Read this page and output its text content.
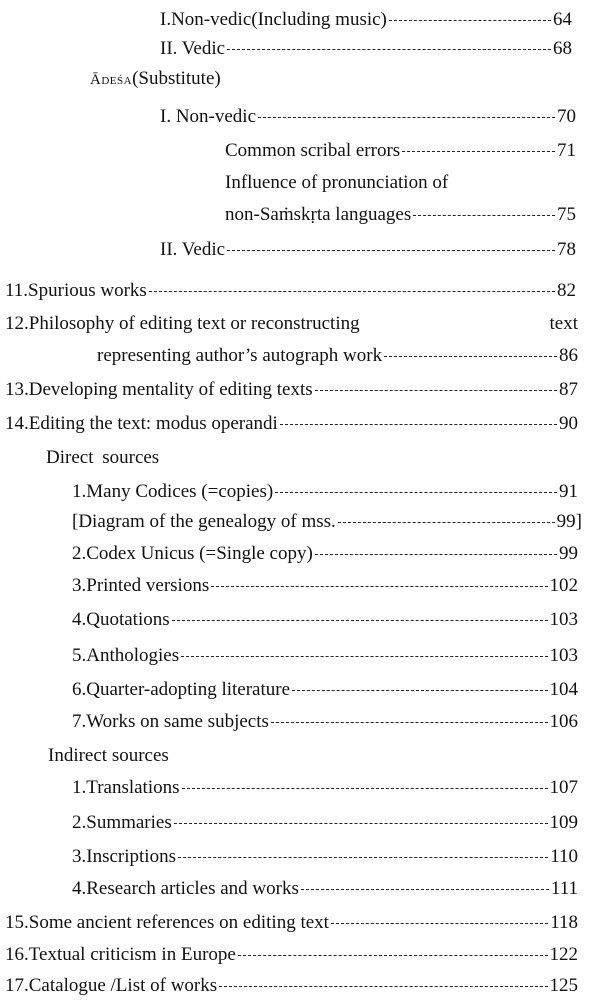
I.Non-vedic(Including music)	64
II. Vedic	68
Ādeśa(Substitute)
I. Non-vedic	70
Common scribal errors	71
Influence of pronunciation of
non-Saṁskṛta languages	75
II. Vedic	78
11.Spurious works	82
12.Philosophy of editing text or reconstructing	text
representing author’s autograph work	86
13.Developing mentality of editing texts	87
14.Editing the text: modus operandi	90
Direct sources
1.Many Codices (=copies)	91
[Diagram of the genealogy of mss.	99]
2.Codex Unicus (=Single copy)	99
3.Printed versions	102
4.Quotations	103
5.Anthologies	103
6.Quarter-adopting literature	104
7.Works on same subjects	106
Indirect sources
1.Translations	107
2.Summaries	109
3.Inscriptions	110
4.Research articles and works	111
15.Some ancient references on editing text	118
16.Textual criticism in Europe	122
17.Catalogue /List of works	125
